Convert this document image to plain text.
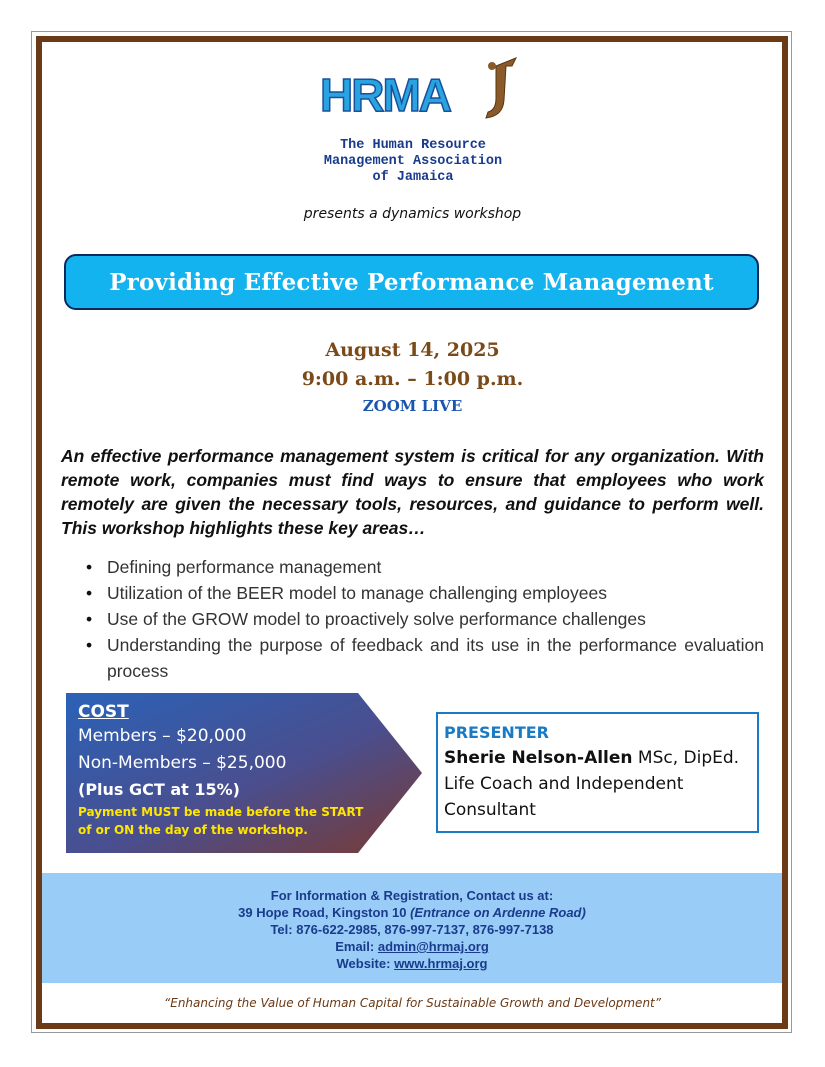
HRMA
The Human Resource
Management Association
of Jamaica
presents a dynamics workshop
Providing Effective Performance Management
August 14, 2025
9:00 a.m. – 1:00 p.m.
ZOOM LIVE
An effective performance management system is critical for any organization. With remote work, companies must find ways to ensure that employees who work remotely are given the necessary tools, resources, and guidance to perform well. This workshop highlights these key areas…
• Defining performance management
• Utilization of the BEER model to manage challenging employees
• Use of the GROW model to proactively solve performance challenges
• Understanding the purpose of feedback and its use in the performance evaluation process
COST
Members – $20,000
Non-Members – $25,000
(Plus GCT at 15%)
Payment MUST be made before the START
of or ON the day of the workshop.
PRESENTER
Sherie Nelson-Allen MSc, DipEd.
Life Coach and Independent Consultant
For Information & Registration, Contact us at:
39 Hope Road, Kingston 10 (Entrance on Ardenne Road)
Tel: 876-622-2985, 876-997-7137, 876-997-7138
Email: admin@hrmaj.org
Website: www.hrmaj.org
“Enhancing the Value of Human Capital for Sustainable Growth and Development”
